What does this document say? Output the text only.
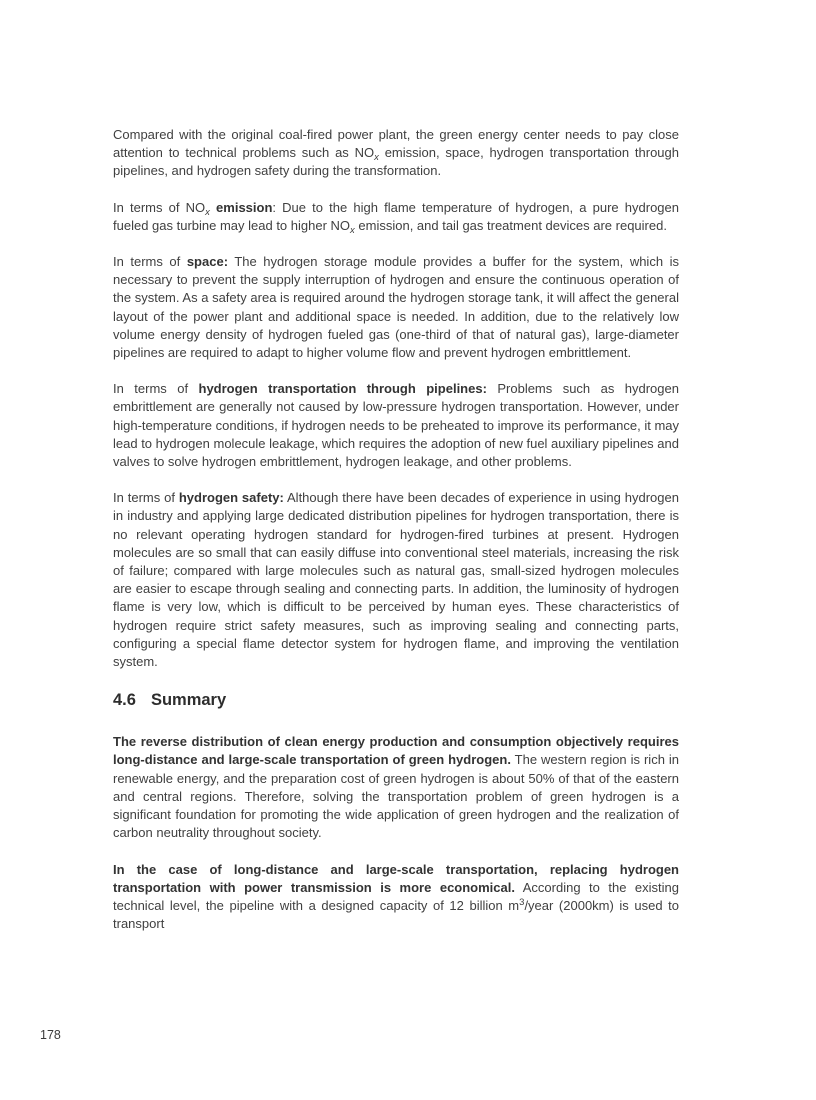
Compared with the original coal-fired power plant, the green energy center needs to pay close attention to technical problems such as $NO_x$ emission, space, hydrogen transportation through pipelines, and hydrogen safety during the transformation.

In terms of $NO_x$ emission: Due to the high flame temperature of hydrogen, a pure hydrogen fueled gas turbine may lead to higher $NO_x$ emission, and tail gas treatment devices are required.

In terms of space: The hydrogen storage module provides a buffer for the system, which is necessary to prevent the supply interruption of hydrogen and ensure the continuous operation of the system. As a safety area is required around the hydrogen storage tank, it will affect the general layout of the power plant and additional space is needed. In addition, due to the relatively low volume energy density of hydrogen fueled gas (one-third of that of natural gas), large-diameter pipelines are required to adapt to higher volume flow and prevent hydrogen embrittlement.

In terms of hydrogen transportation through pipelines: Problems such as hydrogen embrittlement are generally not caused by low-pressure hydrogen transportation. However, under high-temperature conditions, if hydrogen needs to be preheated to improve its performance, it may lead to hydrogen molecule leakage, which requires the adoption of new fuel auxiliary pipelines and valves to solve hydrogen embrittlement, hydrogen leakage, and other problems.

In terms of hydrogen safety: Although there have been decades of experience in using hydrogen in industry and applying large dedicated distribution pipelines for hydrogen transportation, there is no relevant operating hydrogen standard for hydrogen-fired turbines at present. Hydrogen molecules are so small that can easily diffuse into conventional steel materials, increasing the risk of failure; compared with large molecules such as natural gas, small-sized hydrogen molecules are easier to escape through sealing and connecting parts. In addition, the luminosity of hydrogen flame is very low, which is difficult to be perceived by human eyes. These characteristics of hydrogen require strict safety measures, such as improving sealing and connecting parts, configuring a special flame detector system for hydrogen flame, and improving the ventilation system.

4.6 Summary

The reverse distribution of clean energy production and consumption objectively requires long-distance and large-scale transportation of green hydrogen. The western region is rich in renewable energy, and the preparation cost of green hydrogen is about 50% of that of the eastern and central regions. Therefore, solving the transportation problem of green hydrogen is a significant foundation for promoting the wide application of green hydrogen and the realization of carbon neutrality throughout society.

In the case of long-distance and large-scale transportation, replacing hydrogen transportation with power transmission is more economical. According to the existing technical level, the pipeline with a designed capacity of 12 billion $m^3$/year (2000km) is used to transport

178
